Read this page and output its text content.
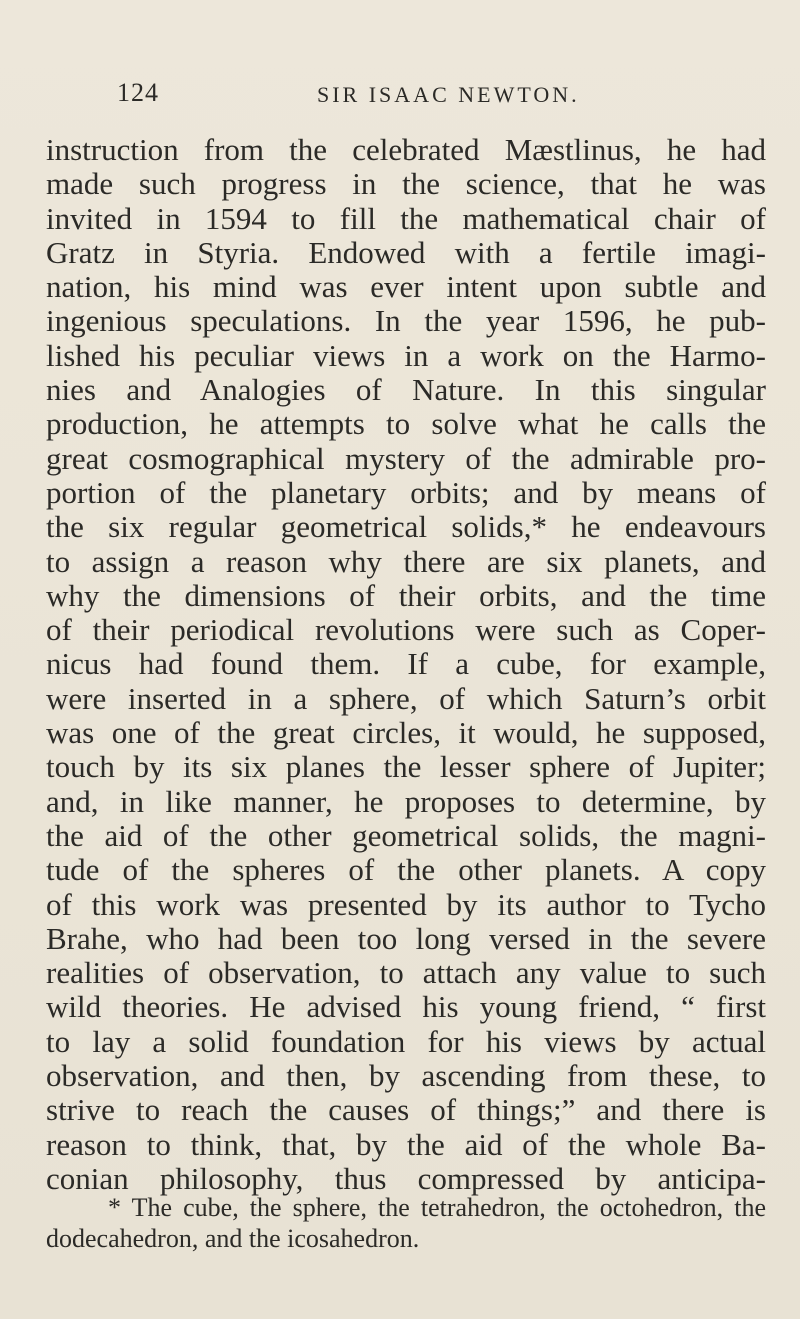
124	SIR ISAAC NEWTON.
instruction from the celebrated Mæstlinus, he had
made such progress in the science, that he was
invited in 1594 to fill the mathematical chair of
Gratz in Styria. Endowed with a fertile imagi-
nation, his mind was ever intent upon subtle and
ingenious speculations. In the year 1596, he pub-
lished his peculiar views in a work on the Harmo-
nies and Analogies of Nature. In this singular
production, he attempts to solve what he calls the
great cosmographical mystery of the admirable pro-
portion of the planetary orbits; and by means of
the six regular geometrical solids,* he endeavours
to assign a reason why there are six planets, and
why the dimensions of their orbits, and the time
of their periodical revolutions were such as Coper-
nicus had found them. If a cube, for example,
were inserted in a sphere, of which Saturn’s orbit
was one of the great circles, it would, he supposed,
touch by its six planes the lesser sphere of Jupiter;
and, in like manner, he proposes to determine, by
the aid of the other geometrical solids, the magni-
tude of the spheres of the other planets. A copy
of this work was presented by its author to Tycho
Brahe, who had been too long versed in the severe
realities of observation, to attach any value to such
wild theories. He advised his young friend, “ first
to lay a solid foundation for his views by actual
observation, and then, by ascending from these, to
strive to reach the causes of things;” and there is
reason to think, that, by the aid of the whole Ba-
conian philosophy, thus compressed by anticipa-
* The cube, the sphere, the tetrahedron, the octohedron, the
dodecahedron, and the icosahedron.
